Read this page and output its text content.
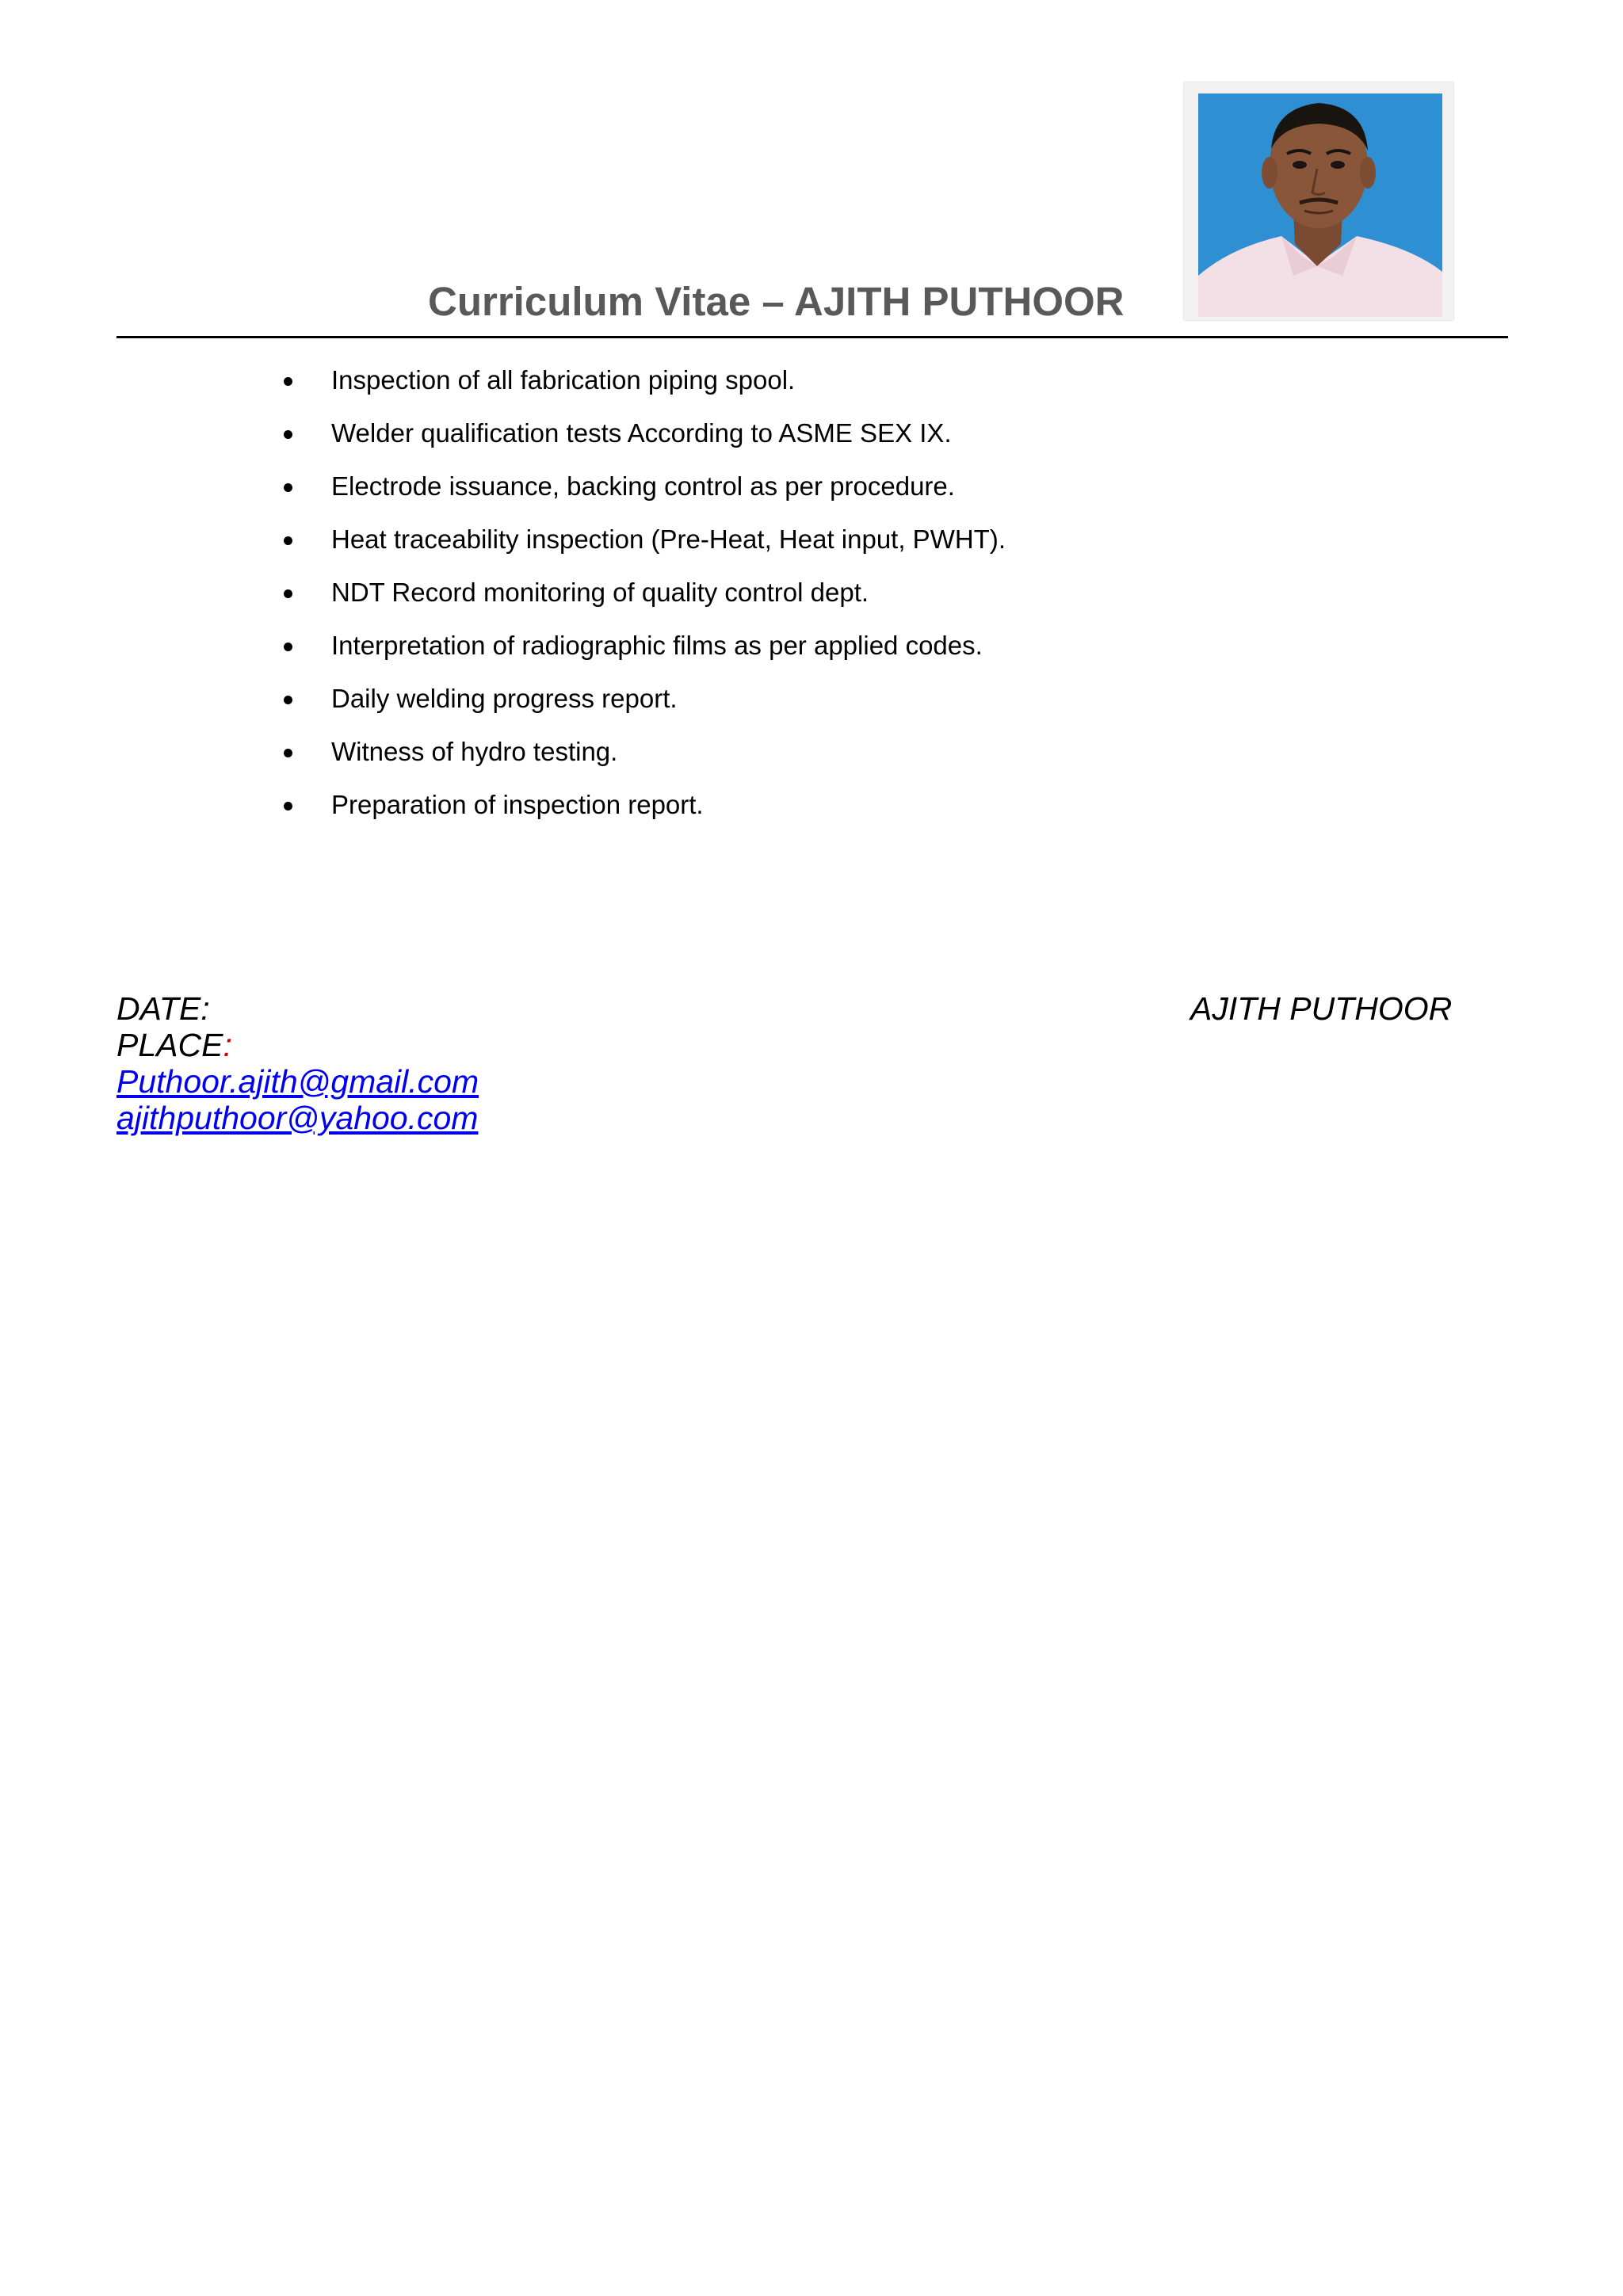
Curriculum Vitae – AJITH PUTHOOR
Inspection of all fabrication piping spool.
Welder qualification tests According to ASME SEX IX.
Electrode issuance, backing control as per procedure.
Heat traceability inspection (Pre-Heat, Heat input, PWHT).
NDT Record monitoring of quality control dept.
Interpretation of radiographic films as per applied codes.
Daily welding progress report.
Witness of hydro testing.
Preparation of inspection report.
DATE:
PLACE:
Puthoor.ajith@gmail.com
ajithputhoor@yahoo.com
AJITH PUTHOOR
